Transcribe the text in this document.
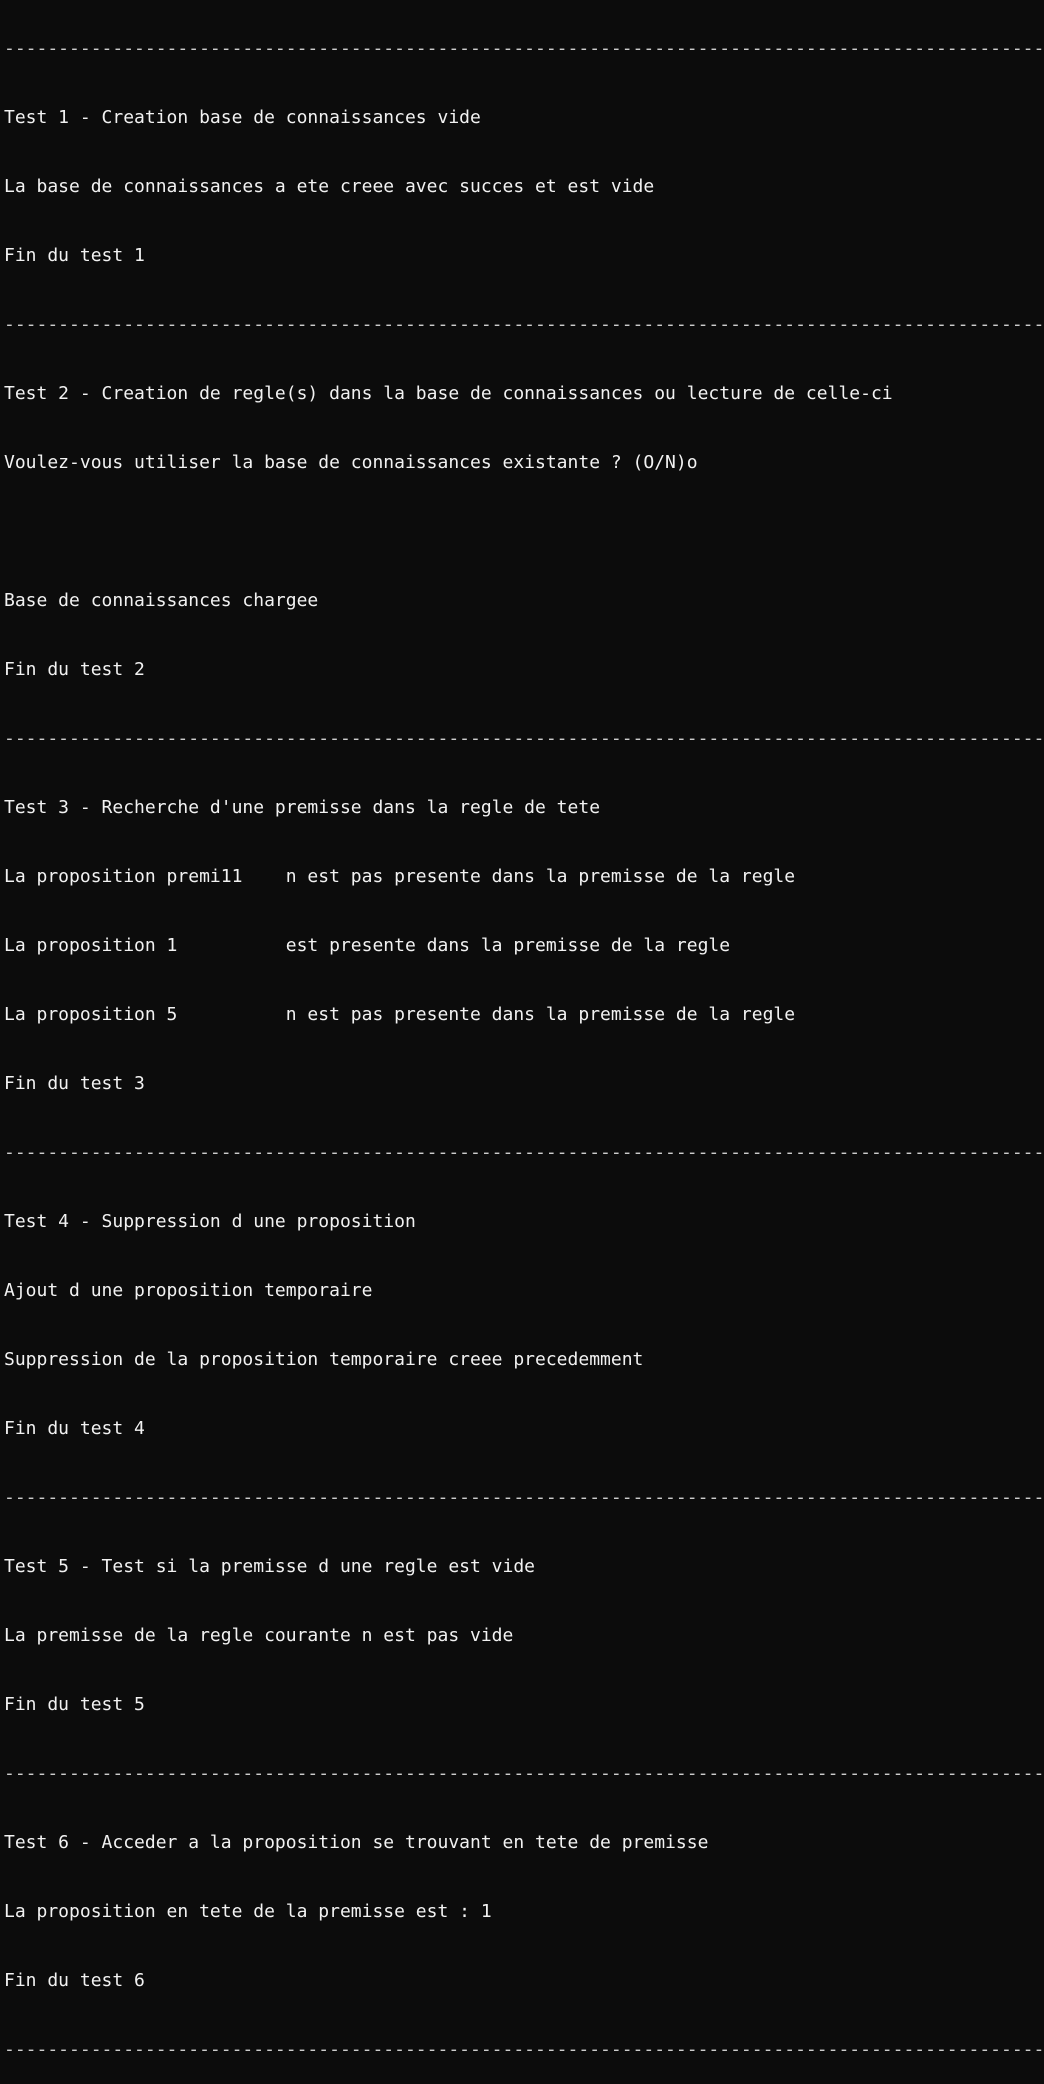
------------------------------------------------------------------------------------------------

Test 1 - Creation base de connaissances vide

La base de connaissances a ete creee avec succes et est vide

Fin du test 1

------------------------------------------------------------------------------------------------

Test 2 - Creation de regle(s) dans la base de connaissances ou lecture de celle-ci

Voulez-vous utiliser la base de connaissances existante ? (O/N)o

Base de connaissances chargee

Fin du test 2

------------------------------------------------------------------------------------------------

Test 3 - Recherche d'une premisse dans la regle de tete

La proposition premi11    n est pas presente dans la premisse de la regle

La proposition 1          est presente dans la premisse de la regle

La proposition 5          n est pas presente dans la premisse de la regle

Fin du test 3

------------------------------------------------------------------------------------------------

Test 4 - Suppression d une proposition

Ajout d une proposition temporaire

Suppression de la proposition temporaire creee precedemment

Fin du test 4

------------------------------------------------------------------------------------------------

Test 5 - Test si la premisse d une regle est vide

La premisse de la regle courante n est pas vide

Fin du test 5

------------------------------------------------------------------------------------------------

Test 6 - Acceder a la proposition se trouvant en tete de premisse

La proposition en tete de la premisse est : 1

Fin du test 6

------------------------------------------------------------------------------------------------
